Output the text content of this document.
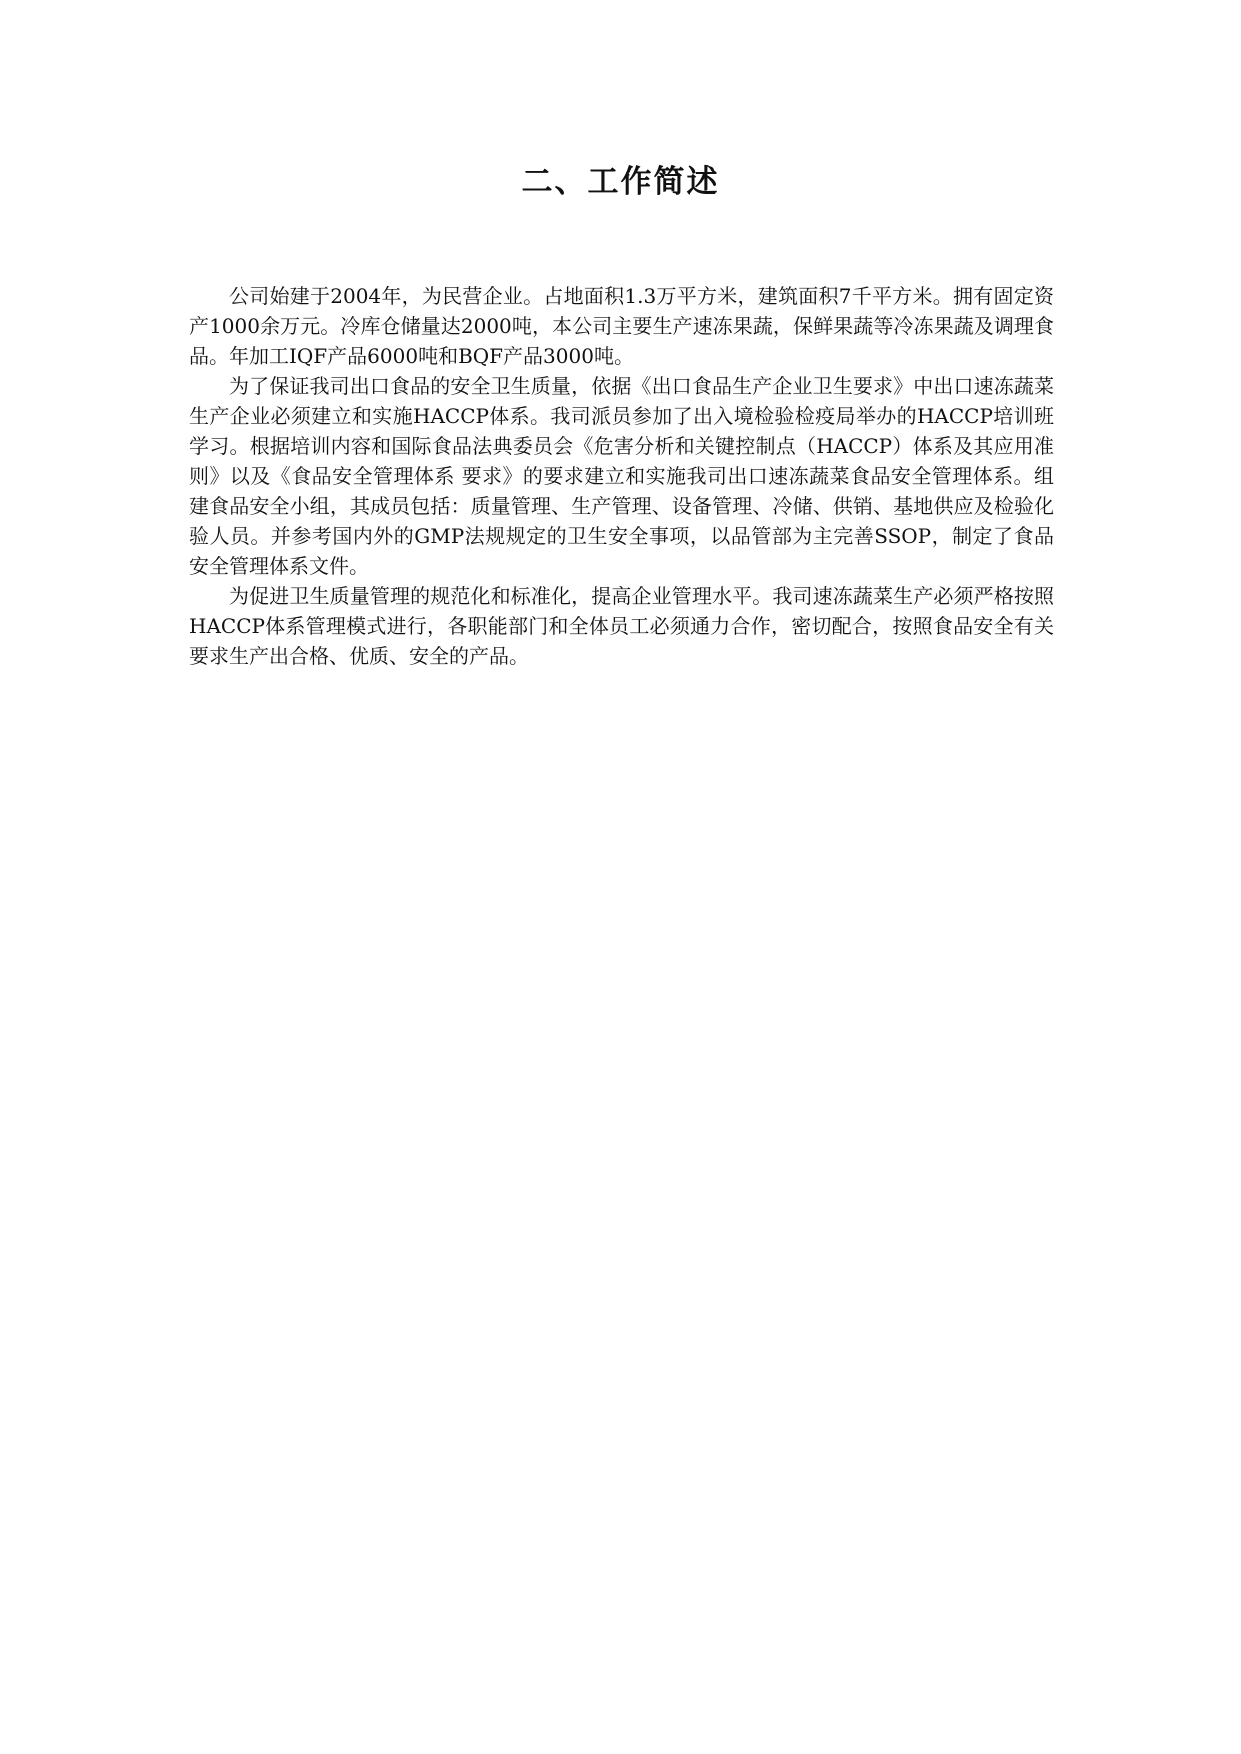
二、工作简述

公司始建于2004年，为民营企业。占地面积1.3万平方米，建筑面积7千平方米。拥有固定资产1000余万元。冷库仓储量达2000吨，本公司主要生产速冻果蔬，保鲜果蔬等冷冻果蔬及调理食品。年加工IQF产品6000吨和BQF产品3000吨。

为了保证我司出口食品的安全卫生质量，依据《出口食品生产企业卫生要求》中出口速冻蔬菜生产企业必须建立和实施HACCP体系。我司派员参加了出入境检验检疫局举办的HACCP培训班学习。根据培训内容和国际食品法典委员会《危害分析和关键控制点（HACCP）体系及其应用准则》以及《食品安全管理体系 要求》的要求建立和实施我司出口速冻蔬菜食品安全管理体系。组建食品安全小组，其成员包括：质量管理、生产管理、设备管理、冷储、供销、基地供应及检验化验人员。并参考国内外的GMP法规规定的卫生安全事项，以品管部为主完善SSOP，制定了食品安全管理体系文件。

为促进卫生质量管理的规范化和标准化，提高企业管理水平。我司速冻蔬菜生产必须严格按照HACCP体系管理模式进行，各职能部门和全体员工必须通力合作，密切配合，按照食品安全有关要求生产出合格、优质、安全的产品。
